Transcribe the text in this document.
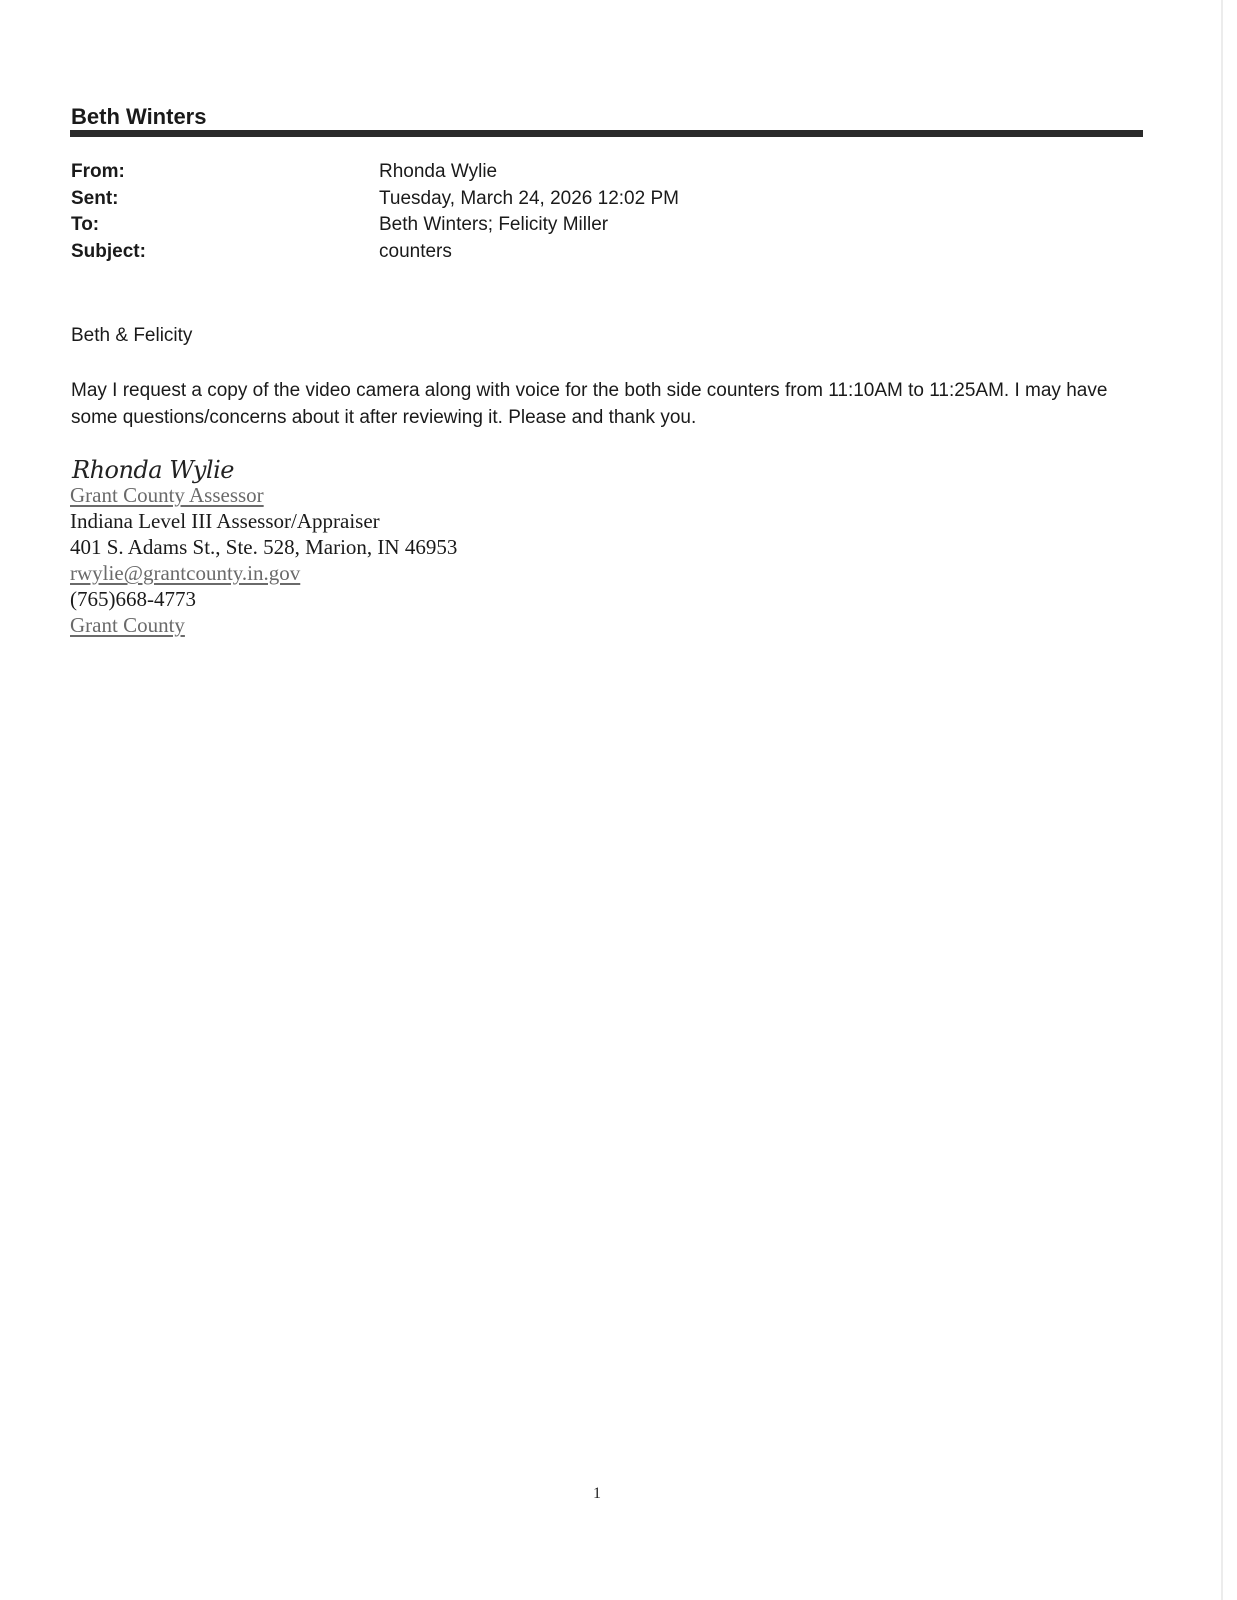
Beth Winters
From:	Rhonda Wylie
Sent:	Tuesday, March 24, 2026 12:02 PM
To:	Beth Winters; Felicity Miller
Subject:	counters
Beth & Felicity
May I request a copy of the video camera along with voice for the both side counters from 11:10AM to 11:25AM. I may have some questions/concerns about it after reviewing it. Please and thank you.
Rhonda Wylie
Grant County Assessor
Indiana Level III Assessor/Appraiser
401 S. Adams St., Ste. 528, Marion, IN 46953
rwylie@grantcounty.in.gov
(765)668-4773
Grant County
1
